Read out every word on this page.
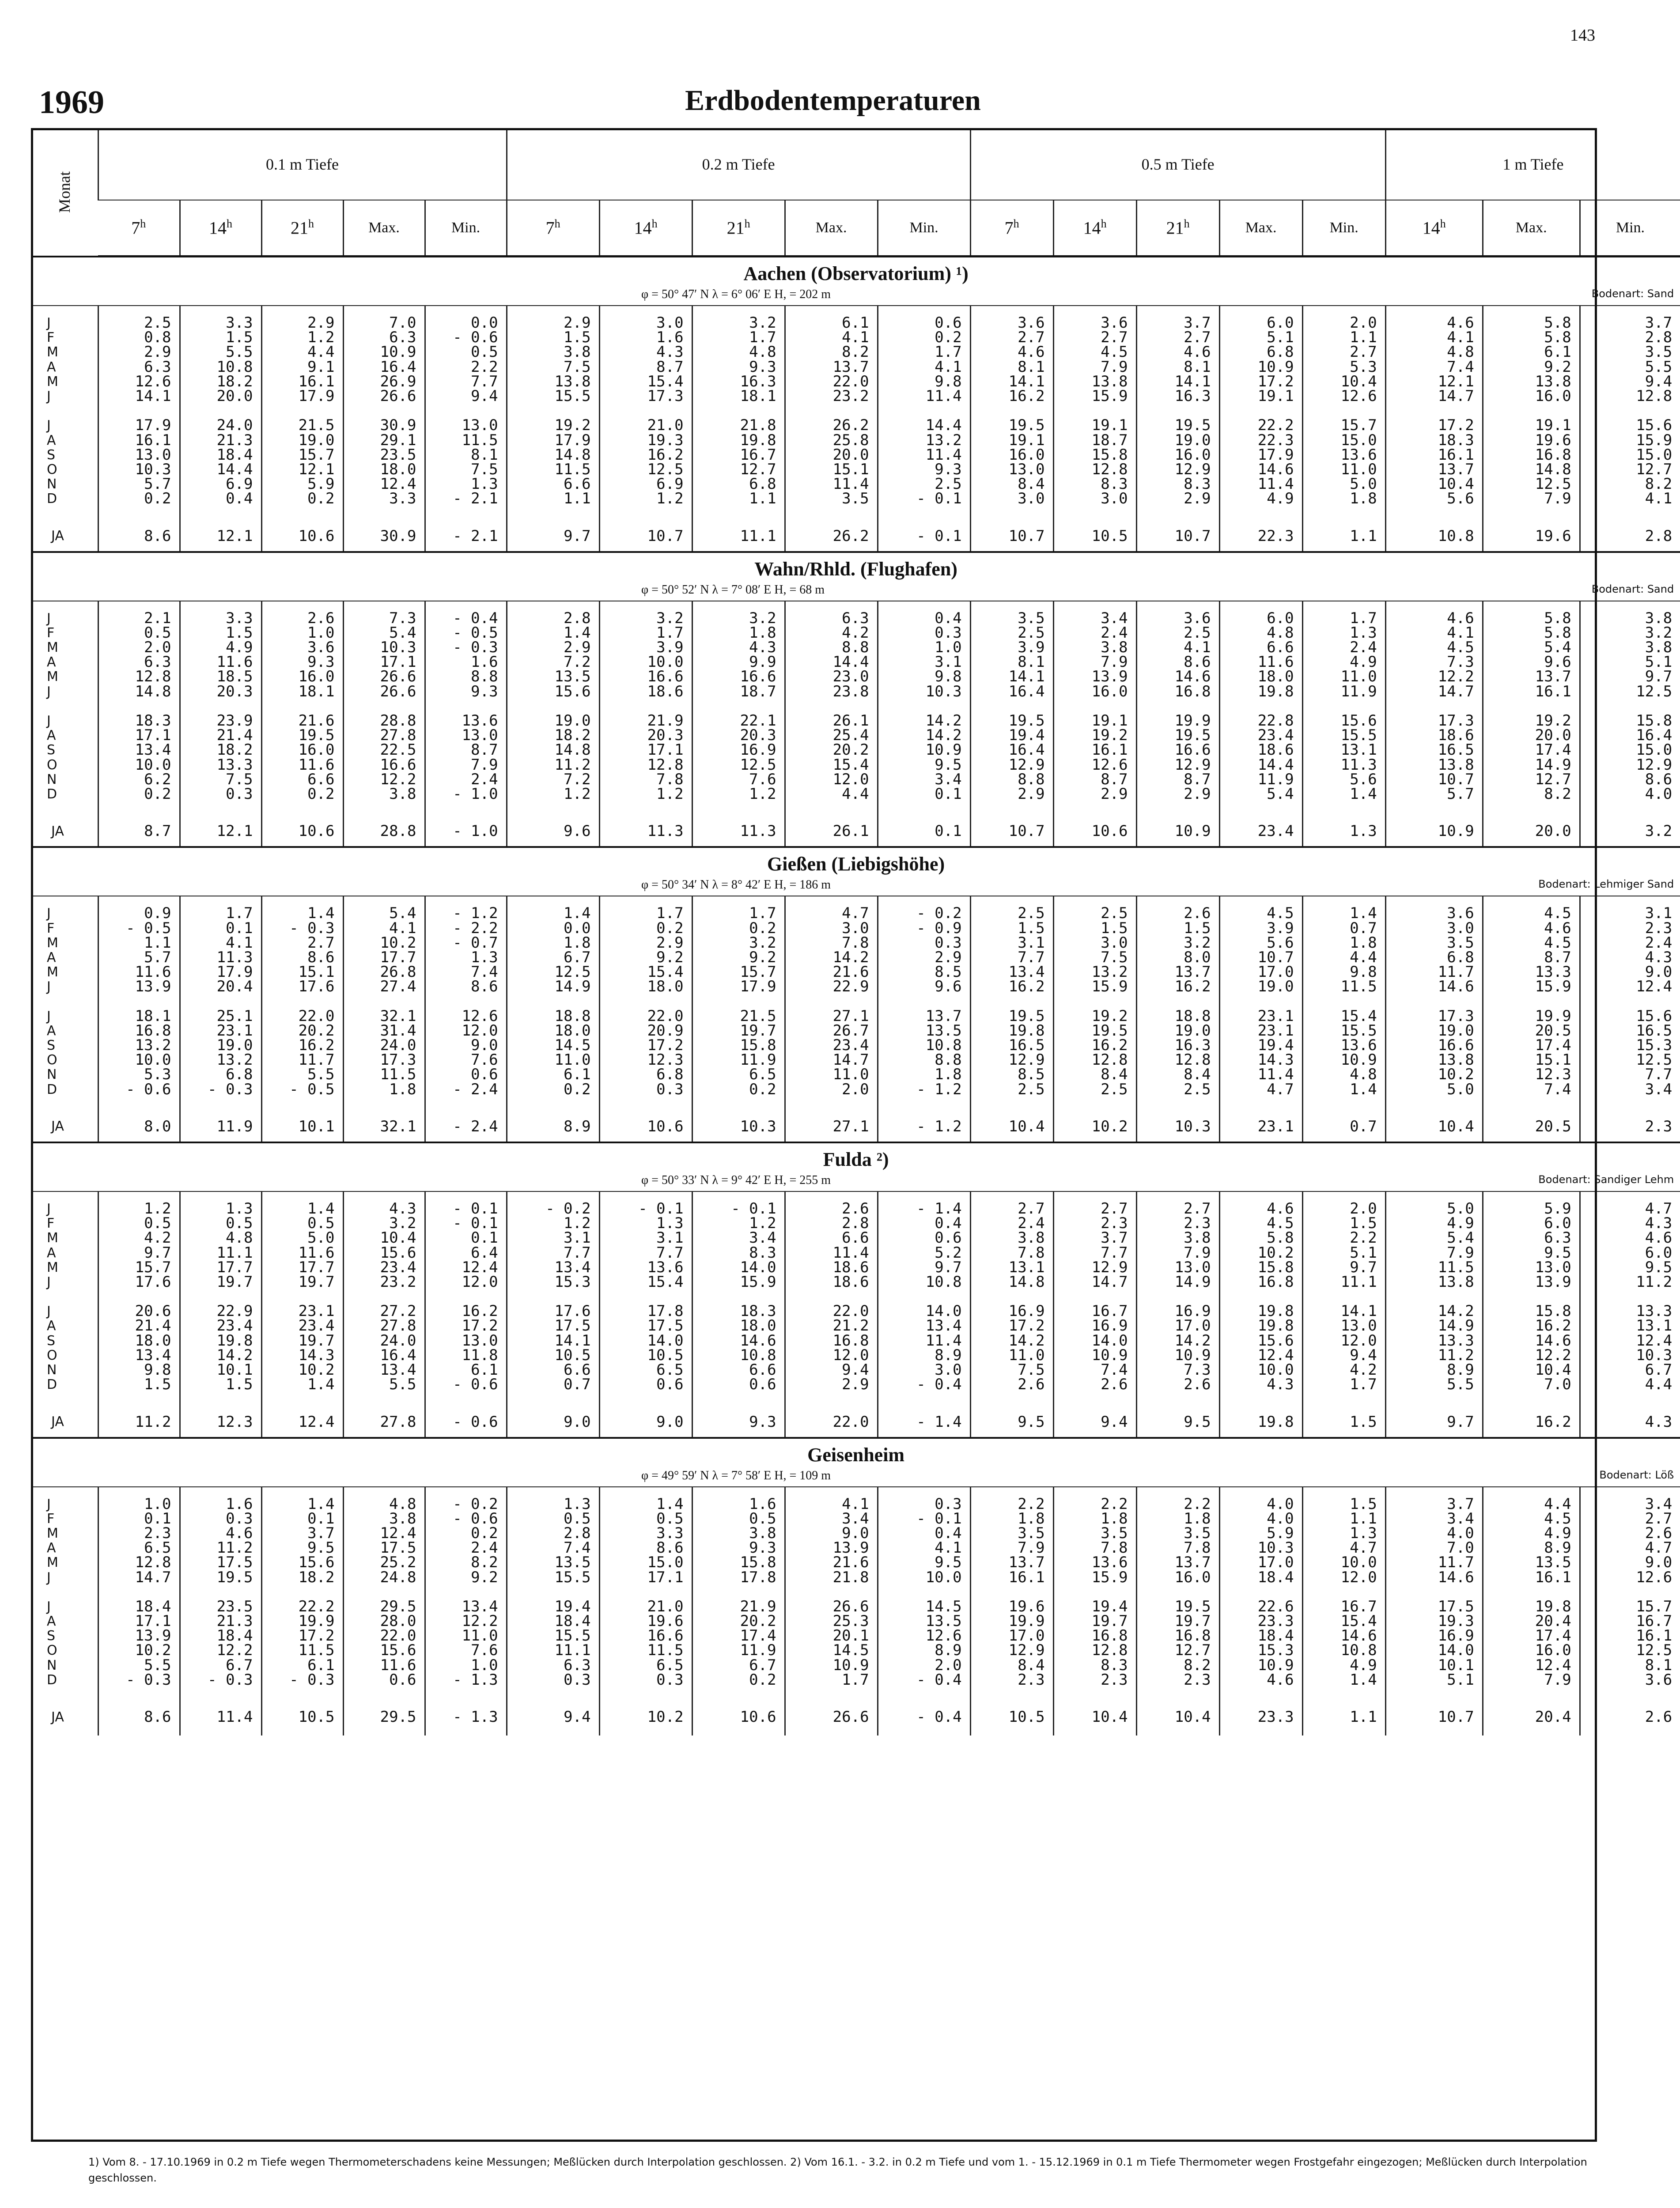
143
1969	Erdbodentemperaturen
Monat	0.1 m Tiefe					0.2 m Tiefe					0.5 m Tiefe					1 m Tiefe		
	7$^h$	14$^h$	21$^h$	Max.	Min.	7$^h$	14$^h$	21$^h$	Max.	Min.	7$^h$	14$^h$	21$^h$	Max.	Min.	14$^h$	Max.	Min.
Aachen (Observatorium) ¹)																		

φ = 50° 47′ N λ = 6° 06′ E H, = 202 m Bodenart: Sand																		

J	2.5	3.3	2.9	7.0	0.0	2.9	3.0	3.2	6.1	0.6	3.6	3.6	3.7	6.0	2.0	4.6	5.8	3.7
F	0.8	1.5	1.2	6.3	- 0.6	1.5	1.6	1.7	4.1	0.2	2.7	2.7	2.7	5.1	1.1	4.1	5.8	2.8
M	2.9	5.5	4.4	10.9	0.5	3.8	4.3	4.8	8.2	1.7	4.6	4.5	4.6	6.8	2.7	4.8	6.1	3.5
A	6.3	10.8	9.1	16.4	2.2	7.5	8.7	9.3	13.7	4.1	8.1	7.9	8.1	10.9	5.3	7.4	9.2	5.5
M	12.6	18.2	16.1	26.9	7.7	13.8	15.4	16.3	22.0	9.8	14.1	13.8	14.1	17.2	10.4	12.1	13.8	9.4
J	14.1	20.0	17.9	26.6	9.4	15.5	17.3	18.1	23.2	11.4	16.2	15.9	16.3	19.1	12.6	14.7	16.0	12.8

J	17.9	24.0	21.5	30.9	13.0	19.2	21.0	21.8	26.2	14.4	19.5	19.1	19.5	22.2	15.7	17.2	19.1	15.6
A	16.1	21.3	19.0	29.1	11.5	17.9	19.3	19.8	25.8	13.2	19.1	18.7	19.0	22.3	15.0	18.3	19.6	15.9
S	13.0	18.4	15.7	23.5	8.1	14.8	16.2	16.7	20.0	11.4	16.0	15.8	16.0	17.9	13.6	16.1	16.8	15.0
O	10.3	14.4	12.1	18.0	7.5	11.5	12.5	12.7	15.1	9.3	13.0	12.8	12.9	14.6	11.0	13.7	14.8	12.7
N	5.7	6.9	5.9	12.4	1.3	6.6	6.9	6.8	11.4	2.5	8.4	8.3	8.3	11.4	5.0	10.4	12.5	8.2
D	0.2	0.4	0.2	3.3	- 2.1	1.1	1.2	1.1	3.5	- 0.1	3.0	3.0	2.9	4.9	1.8	5.6	7.9	4.1

JA	8.6	12.1	10.6	30.9	- 2.1	9.7	10.7	11.1	26.2	- 0.1	10.7	10.5	10.7	22.3	1.1	10.8	19.6	2.8
Wahn/Rhld. (Flughafen)																		

φ = 50° 52′ N λ = 7° 08′ E H, = 68 m Bodenart: Sand																		

J	2.1	3.3	2.6	7.3	- 0.4	2.8	3.2	3.2	6.3	0.4	3.5	3.4	3.6	6.0	1.7	4.6	5.8	3.8
F	0.5	1.5	1.0	5.4	- 0.5	1.4	1.7	1.8	4.2	0.3	2.5	2.4	2.5	4.8	1.3	4.1	5.8	3.2
M	2.0	4.9	3.6	10.3	- 0.3	2.9	3.9	4.3	8.8	1.0	3.9	3.8	4.1	6.6	2.4	4.5	5.4	3.8
A	6.3	11.6	9.3	17.1	1.6	7.2	10.0	9.9	14.4	3.1	8.1	7.9	8.6	11.6	4.9	7.3	9.6	5.1
M	12.8	18.5	16.0	26.6	8.8	13.5	16.6	16.6	23.0	9.8	14.1	13.9	14.6	18.0	11.0	12.2	13.7	9.7
J	14.8	20.3	18.1	26.6	9.3	15.6	18.6	18.7	23.8	10.3	16.4	16.0	16.8	19.8	11.9	14.7	16.1	12.5

J	18.3	23.9	21.6	28.8	13.6	19.0	21.9	22.1	26.1	14.2	19.5	19.1	19.9	22.8	15.6	17.3	19.2	15.8
A	17.1	21.4	19.5	27.8	13.0	18.2	20.3	20.3	25.4	14.2	19.4	19.2	19.5	23.4	15.5	18.6	20.0	16.4
S	13.4	18.2	16.0	22.5	8.7	14.8	17.1	16.9	20.2	10.9	16.4	16.1	16.6	18.6	13.1	16.5	17.4	15.0
O	10.0	13.3	11.6	16.6	7.9	11.2	12.8	12.5	15.4	9.5	12.9	12.6	12.9	14.4	11.3	13.8	14.9	12.9
N	6.2	7.5	6.6	12.2	2.4	7.2	7.8	7.6	12.0	3.4	8.8	8.7	8.7	11.9	5.6	10.7	12.7	8.6
D	0.2	0.3	0.2	3.8	- 1.0	1.2	1.2	1.2	4.4	0.1	2.9	2.9	2.9	5.4	1.4	5.7	8.2	4.0

JA	8.7	12.1	10.6	28.8	- 1.0	9.6	11.3	11.3	26.1	0.1	10.7	10.6	10.9	23.4	1.3	10.9	20.0	3.2
Gießen (Liebigshöhe)																		

φ = 50° 34′ N λ = 8° 42′ E H, = 186 m Bodenart: Lehmiger Sand																		

J	0.9	1.7	1.4	5.4	- 1.2	1.4	1.7	1.7	4.7	- 0.2	2.5	2.5	2.6	4.5	1.4	3.6	4.5	3.1
F	- 0.5	0.1	- 0.3	4.1	- 2.2	0.0	0.2	0.2	3.0	- 0.9	1.5	1.5	1.5	3.9	0.7	3.0	4.6	2.3
M	1.1	4.1	2.7	10.2	- 0.7	1.8	2.9	3.2	7.8	0.3	3.1	3.0	3.2	5.6	1.8	3.5	4.5	2.4
A	5.7	11.3	8.6	17.7	1.3	6.7	9.2	9.2	14.2	2.9	7.7	7.5	8.0	10.7	4.4	6.8	8.7	4.3
M	11.6	17.9	15.1	26.8	7.4	12.5	15.4	15.7	21.6	8.5	13.4	13.2	13.7	17.0	9.8	11.7	13.3	9.0
J	13.9	20.4	17.6	27.4	8.6	14.9	18.0	17.9	22.9	9.6	16.2	15.9	16.2	19.0	11.5	14.6	15.9	12.4

J	18.1	25.1	22.0	32.1	12.6	18.8	22.0	21.5	27.1	13.7	19.5	19.2	18.8	23.1	15.4	17.3	19.9	15.6
A	16.8	23.1	20.2	31.4	12.0	18.0	20.9	19.7	26.7	13.5	19.8	19.5	19.0	23.1	15.5	19.0	20.5	16.5
S	13.2	19.0	16.2	24.0	9.0	14.5	17.2	15.8	23.4	10.8	16.5	16.2	16.3	19.4	13.6	16.6	17.4	15.3
O	10.0	13.2	11.7	17.3	7.6	11.0	12.3	11.9	14.7	8.8	12.9	12.8	12.8	14.3	10.9	13.8	15.1	12.5
N	5.3	6.8	5.5	11.5	0.6	6.1	6.8	6.5	11.0	1.8	8.5	8.4	8.4	11.4	4.8	10.2	12.3	7.7
D	- 0.6	- 0.3	- 0.5	1.8	- 2.4	0.2	0.3	0.2	2.0	- 1.2	2.5	2.5	2.5	4.7	1.4	5.0	7.4	3.4

JA	8.0	11.9	10.1	32.1	- 2.4	8.9	10.6	10.3	27.1	- 1.2	10.4	10.2	10.3	23.1	0.7	10.4	20.5	2.3
Fulda ²)																		

φ = 50° 33′ N λ = 9° 42′ E H, = 255 m Bodenart: Sandiger Lehm																		

J	1.2	1.3	1.4	4.3	- 0.1	- 0.2	- 0.1	- 0.1	2.6	- 1.4	2.7	2.7	2.7	4.6	2.0	5.0	5.9	4.7
F	0.5	0.5	0.5	3.2	- 0.1	1.2	1.3	1.2	2.8	0.4	2.4	2.3	2.3	4.5	1.5	4.9	6.0	4.3
M	4.2	4.8	5.0	10.4	0.1	3.1	3.1	3.4	6.6	0.6	3.8	3.7	3.8	5.8	2.2	5.4	6.3	4.6
A	9.7	11.1	11.6	15.6	6.4	7.7	7.7	8.3	11.4	5.2	7.8	7.7	7.9	10.2	5.1	7.9	9.5	6.0
M	15.7	17.7	17.7	23.4	12.4	13.4	13.6	14.0	18.6	9.7	13.1	12.9	13.0	15.8	9.7	11.5	13.0	9.5
J	17.6	19.7	19.7	23.2	12.0	15.3	15.4	15.9	18.6	10.8	14.8	14.7	14.9	16.8	11.1	13.8	13.9	11.2

J	20.6	22.9	23.1	27.2	16.2	17.6	17.8	18.3	22.0	14.0	16.9	16.7	16.9	19.8	14.1	14.2	15.8	13.3
A	21.4	23.4	23.4	27.8	17.2	17.5	17.5	18.0	21.2	13.4	17.2	16.9	17.0	19.8	13.0	14.9	16.2	13.1
S	18.0	19.8	19.7	24.0	13.0	14.1	14.0	14.6	16.8	11.4	14.2	14.0	14.2	15.6	12.0	13.3	14.6	12.4
O	13.4	14.2	14.3	16.4	11.8	10.5	10.5	10.8	12.0	8.9	11.0	10.9	10.9	12.4	9.4	11.2	12.2	10.3
N	9.8	10.1	10.2	13.4	6.1	6.6	6.5	6.6	9.4	3.0	7.5	7.4	7.3	10.0	4.2	8.9	10.4	6.7
D	1.5	1.5	1.4	5.5	- 0.6	0.7	0.6	0.6	2.9	- 0.4	2.6	2.6	2.6	4.3	1.7	5.5	7.0	4.4

JA	11.2	12.3	12.4	27.8	- 0.6	9.0	9.0	9.3	22.0	- 1.4	9.5	9.4	9.5	19.8	1.5	9.7	16.2	4.3
Geisenheim																		

φ = 49° 59′ N λ = 7° 58′ E H, = 109 m Bodenart: Löß																		

J	1.0	1.6	1.4	4.8	- 0.2	1.3	1.4	1.6	4.1	0.3	2.2	2.2	2.2	4.0	1.5	3.7	4.4	3.4
F	0.1	0.3	0.1	3.8	- 0.6	0.5	0.5	0.5	3.4	- 0.1	1.8	1.8	1.8	4.0	1.1	3.4	4.5	2.7
M	2.3	4.6	3.7	12.4	0.2	2.8	3.3	3.8	9.0	0.4	3.5	3.5	3.5	5.9	1.3	4.0	4.9	2.6
A	6.5	11.2	9.5	17.5	2.4	7.4	8.6	9.3	13.9	4.1	7.9	7.8	7.8	10.3	4.7	7.0	8.9	4.7
M	12.8	17.5	15.6	25.2	8.2	13.5	15.0	15.8	21.6	9.5	13.7	13.6	13.7	17.0	10.0	11.7	13.5	9.0
J	14.7	19.5	18.2	24.8	9.2	15.5	17.1	17.8	21.8	10.0	16.1	15.9	16.0	18.4	12.0	14.6	16.1	12.6

J	18.4	23.5	22.2	29.5	13.4	19.4	21.0	21.9	26.6	14.5	19.6	19.4	19.5	22.6	16.7	17.5	19.8	15.7
A	17.1	21.3	19.9	28.0	12.2	18.4	19.6	20.2	25.3	13.5	19.9	19.7	19.7	23.3	15.4	19.3	20.4	16.7
S	13.9	18.4	17.2	22.0	11.0	15.5	16.6	17.4	20.1	12.6	17.0	16.8	16.8	18.4	14.6	16.9	17.4	16.1
O	10.2	12.2	11.5	15.6	7.6	11.1	11.5	11.9	14.5	8.9	12.9	12.8	12.7	15.3	10.8	14.0	16.0	12.5
N	5.5	6.7	6.1	11.6	1.0	6.3	6.5	6.7	10.9	2.0	8.4	8.3	8.2	10.9	4.9	10.1	12.4	8.1
D	- 0.3	- 0.3	- 0.3	0.6	- 1.3	0.3	0.3	0.2	1.7	- 0.4	2.3	2.3	2.3	4.6	1.4	5.1	7.9	3.6

JA	8.6	11.4	10.5	29.5	- 1.3	9.4	10.2	10.6	26.6	- 0.4	10.5	10.4	10.4	23.3	1.1	10.7	20.4	2.6

1) Vom 8. - 17.10.1969 in 0.2 m Tiefe wegen Thermometerschadens keine Messungen; Meßlücken durch Interpolation geschlossen. 2) Vom 16.1. - 3.2. in 0.2 m Tiefe und vom 1. - 15.12.1969 in 0.1 m Tiefe Thermometer wegen Frostgefahr eingezogen; Meßlücken durch Interpolation geschlossen.
